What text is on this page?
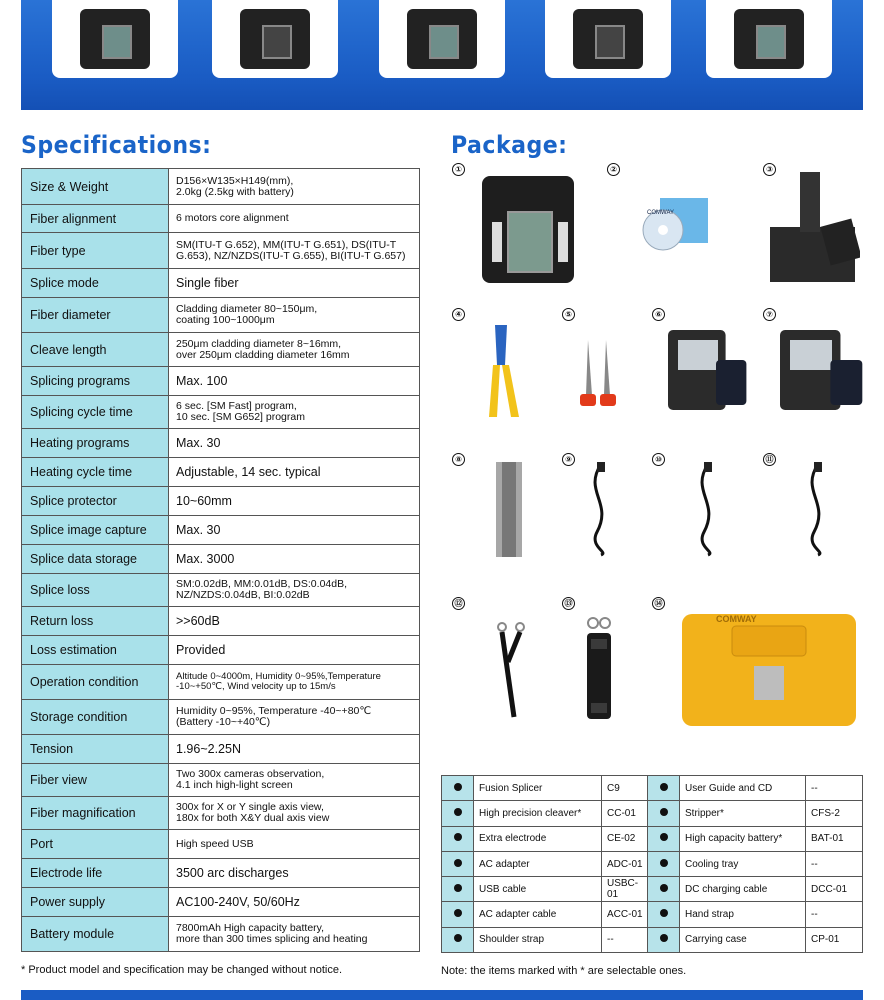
Specifications:	Package:
Size & Weight	D156×W135×H149(mm),
2.0kg (2.5kg with battery)
Fiber alignment	6 motors core alignment
Fiber type	SM(ITU-T G.652), MM(ITU-T G.651), DS(ITU-T
G.653), NZ/NZDS(ITU-T G.655), BI(ITU-T G.657)
Splice mode	Single fiber
Fiber diameter	Cladding diameter 80~150μm,
coating 100~1000μm
Cleave length	250μm cladding diameter 8~16mm,
over 250μm cladding diameter 16mm
Splicing programs	Max. 100
Splicing cycle time	6 sec. [SM Fast] program,
10 sec. [SM G652] program
Heating programs	Max. 30
Heating cycle time	Adjustable, 14 sec. typical
Splice protector	10~60mm
Splice image capture	Max. 30
Splice data storage	Max. 3000
Splice loss	SM:0.02dB, MM:0.01dB, DS:0.04dB,
NZ/NZDS:0.04dB, BI:0.02dB
Return loss	>>60dB
Loss estimation	Provided
Operation condition	Altitude 0~4000m, Humidity 0~95%,Temperature
-10~+50℃, Wind velocity up to 15m/s
Storage condition	Humidity 0~95%, Temperature -40~+80℃
(Battery -10~+40℃)
Tension	1.96~2.25N
Fiber view	Two 300x cameras observation,
4.1 inch high-light screen
Fiber magnification	300x for X or Y single axis view,
180x for both X&Y dual axis view
Port	High speed USB
Electrode life	3500 arc discharges
Power supply	AC100-240V, 50/60Hz
Battery module	7800mAh High capacity battery,
more than 300 times splicing and heating
①	②
COMWAY
③
④	⑤	⑥	⑦
⑧	⑨	⑩	⑪
⑫	⑬	⑭
COMWAY
	Fusion Splicer	C9		User Guide and CD	--
	High precision cleaver*	CC-01		Stripper*	CFS-2
	Extra electrode	CE-02		High capacity battery*	BAT-01
	AC adapter	ADC-01		Cooling tray	--
	USB cable	USBC-01		DC charging cable	DCC-01
	AC adapter cable	ACC-01		Hand strap	--
	Shoulder strap	--		Carrying case	CP-01
* Product model and specification may be changed without notice.	Note: the items marked with * are selectable ones.
